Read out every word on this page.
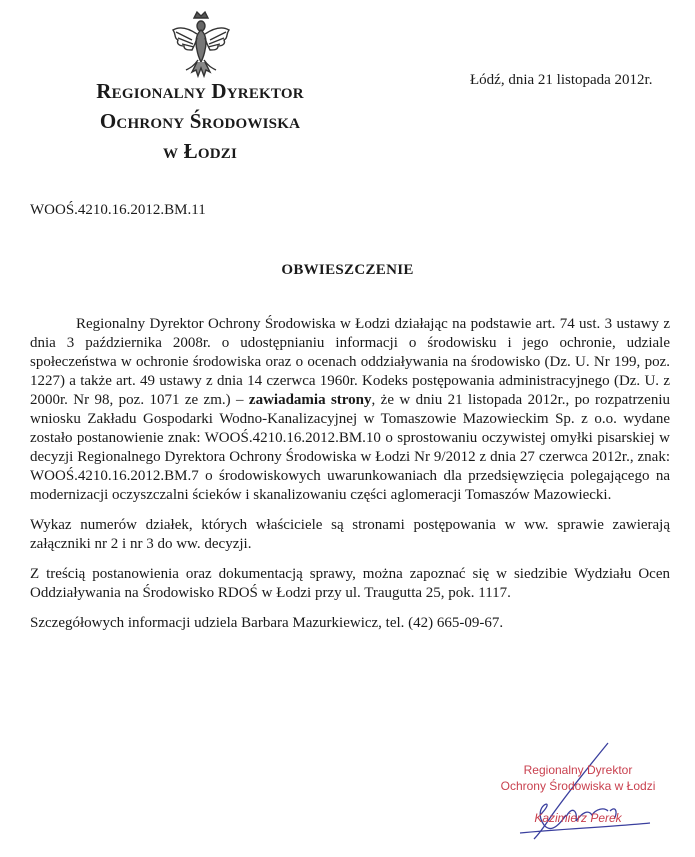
Regionalny Dyrektor
Ochrony Środowiska
w Łodzi
Łódź, dnia 21 listopada 2012r.
WOOŚ.4210.16.2012.BM.11
OBWIESZCZENIE

Regionalny Dyrektor Ochrony Środowiska w Łodzi działając na podstawie art. 74 ust. 3 ustawy z dnia 3 października 2008r. o udostępnianiu informacji o środowisku i jego ochronie, udziale społeczeństwa w ochronie środowiska oraz o ocenach oddziaływania na środowisko (Dz. U. Nr 199, poz. 1227) a także art. 49 ustawy z dnia 14 czerwca 1960r. Kodeks postępowania administracyjnego (Dz. U. z 2000r. Nr 98, poz. 1071 ze zm.) – zawiadamia strony, że w dniu 21 listopada 2012r., po rozpatrzeniu wniosku Zakładu Gospodarki Wodno-Kanalizacyjnej w Tomaszowie Mazowieckim Sp. z o.o. wydane zostało postanowienie znak: WOOŚ.4210.16.2012.BM.10 o sprostowaniu oczywistej omyłki pisarskiej w decyzji Regionalnego Dyrektora Ochrony Środowiska w Łodzi Nr 9/2012 z dnia 27 czerwca 2012r., znak: WOOŚ.4210.16.2012.BM.7 o środowiskowych uwarunkowaniach dla przedsięwzięcia polegającego na modernizacji oczyszczalni ścieków i skanalizowaniu części aglomeracji Tomaszów Mazowiecki.

Wykaz numerów działek, których właściciele są stronami postępowania w ww. sprawie zawierają załączniki nr 2 i nr 3 do ww. decyzji.

Z treścią postanowienia oraz dokumentacją sprawy, można zapoznać się w siedzibie Wydziału Ocen Oddziaływania na Środowisko RDOŚ w Łodzi przy ul. Traugutta 25, pok. 1117.

Szczegółowych informacji udziela Barbara Mazurkiewicz, tel. (42) 665-09-67.

Regionalny Dyrektor
Ochrony Środowiska w Łodzi
Kazimierz Perek
